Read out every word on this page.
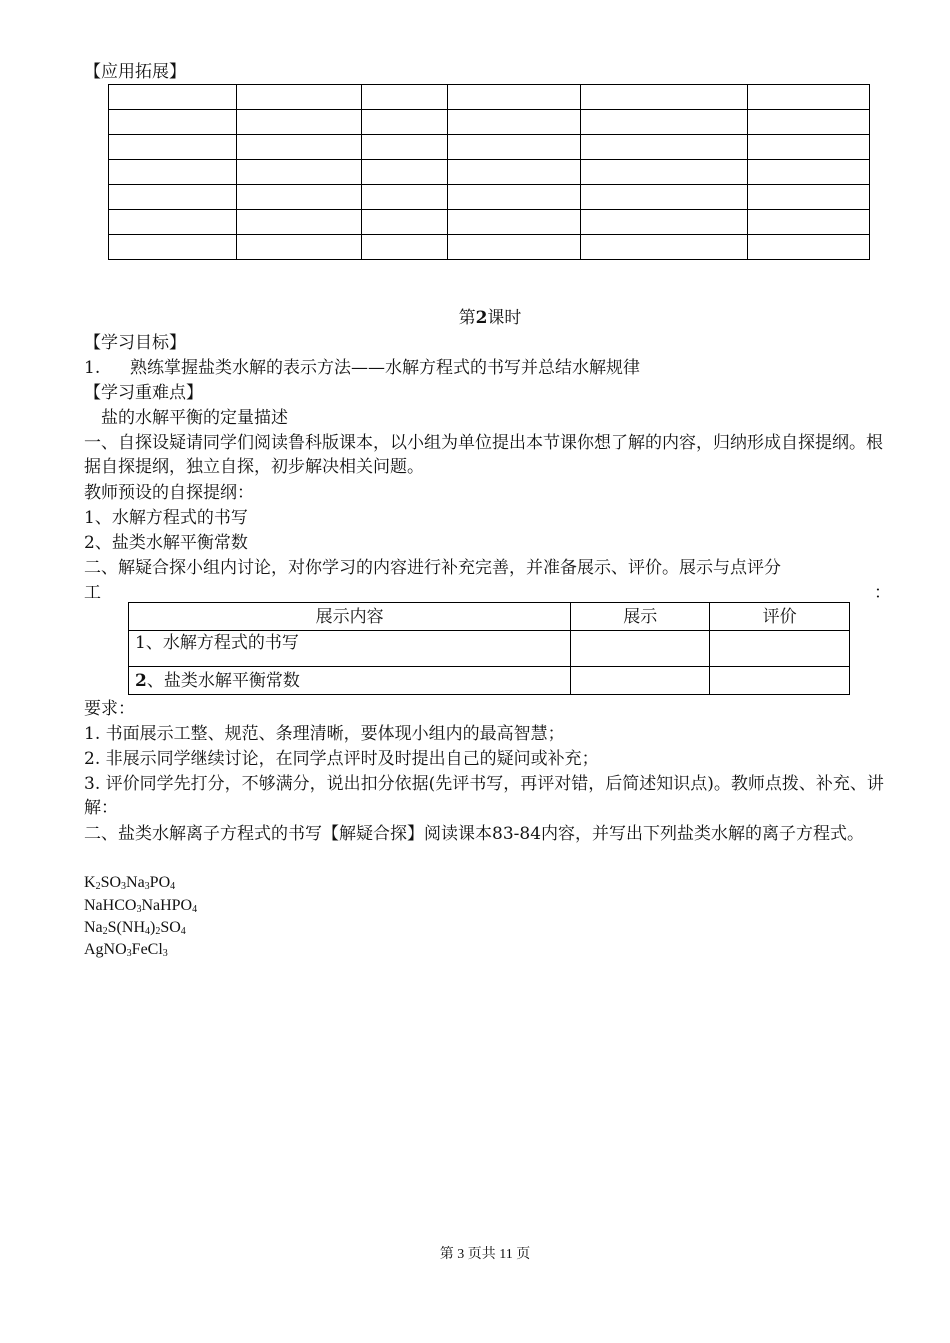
【应用拓展】

第2课时
【学习目标】
1. 熟练掌握盐类水解的表示方法——水解方程式的书写并总结水解规律
【学习重难点】
盐的水解平衡的定量描述
一、自探设疑请同学们阅读鲁科版课本，以小组为单位提出本节课你想了解的内容，归纳形成自探提纲。根据自探提纲，独立自探，初步解决相关问题。
教师预设的自探提纲：
1、水解方程式的书写
2、盐类水解平衡常数
二、解疑合探小组内讨论，对你学习的内容进行补充完善，并准备展示、评价。展示与点评分
工	：
展示内容	展示	评价
1、水解方程式的书写		
2、盐类水解平衡常数		
要求：
1. 书面展示工整、规范、条理清晰，要体现小组内的最高智慧；
2. 非展示同学继续讨论，在同学点评时及时提出自己的疑问或补充；
3. 评价同学先打分，不够满分，说出扣分依据(先评书写，再评对错，后简述知识点)。教师点拨、补充、讲解：
二、盐类水解离子方程式的书写【解疑合探】阅读课本83-84内容，并写出下列盐类水解的离子方程式。
$K_2SO_3Na_3PO_4$
NaHCO$_3$NaHPO$_4$
$Na_2S(NH_4)_2SO_4$
AgNO$_3$FeCl$_3$
第 3 页共 11 页
